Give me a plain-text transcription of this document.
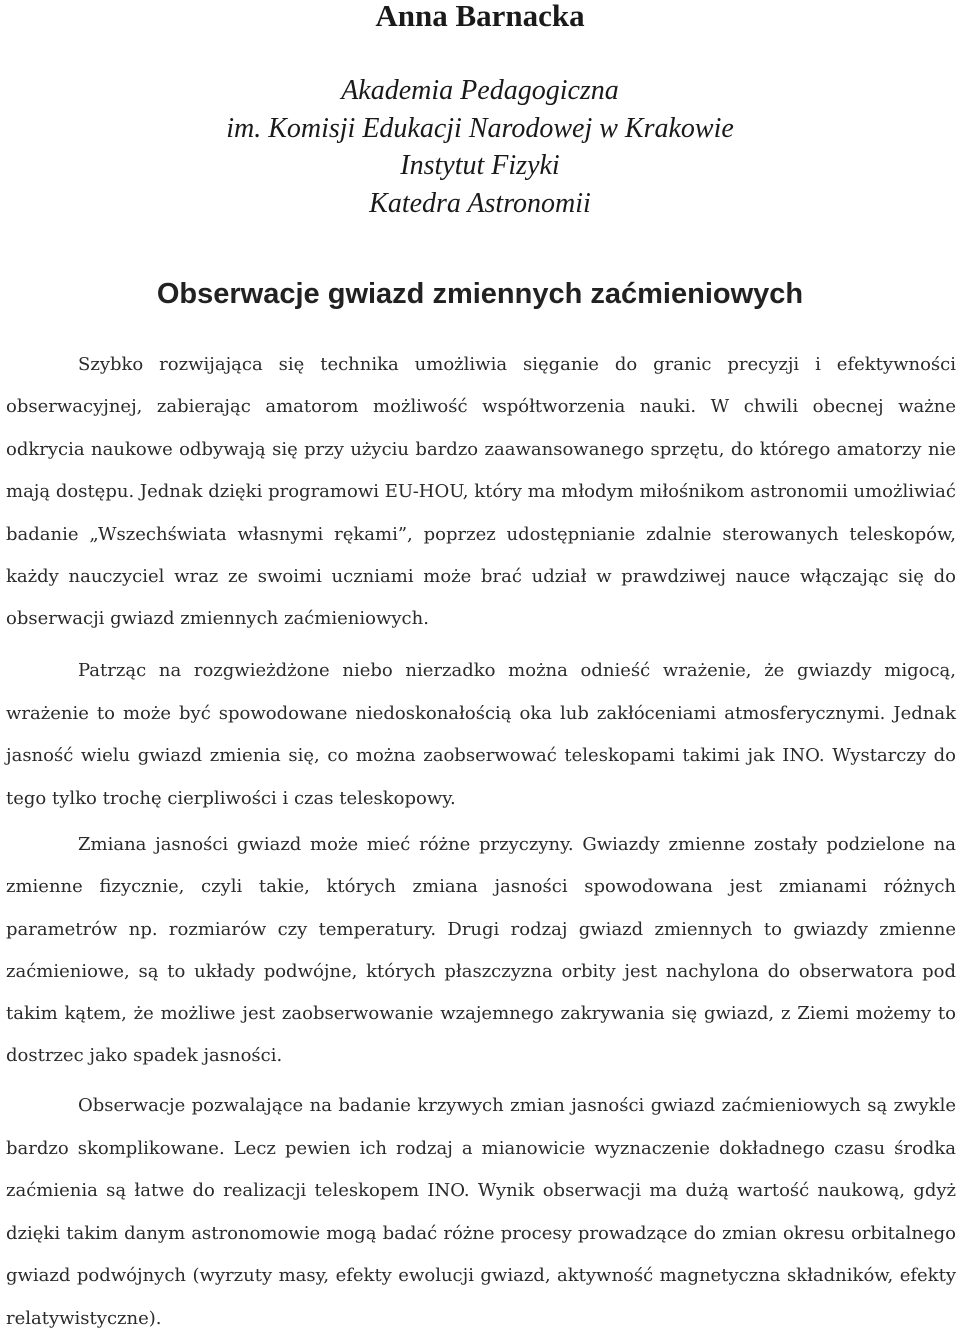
Anna Barnacka
Akademia Pedagogiczna
im. Komisji Edukacji Narodowej w Krakowie
Instytut Fizyki
Katedra Astronomii
Obserwacje gwiazd zmiennych zaćmieniowych

Szybko rozwijająca się technika umożliwia sięganie do granic precyzji i efektywności obserwacyjnej, zabierając amatorom możliwość współtworzenia nauki. W chwili obecnej ważne odkrycia naukowe odbywają się przy użyciu bardzo zaawansowanego sprzętu, do którego amatorzy nie mają dostępu. Jednak dzięki programowi EU-HOU, który ma młodym miłośnikom astronomii umożliwiać badanie „Wszechświata własnymi rękami”, poprzez udostępnianie zdalnie sterowanych teleskopów, każdy nauczyciel wraz ze swoimi uczniami może brać udział w prawdziwej nauce włączając się do obserwacji gwiazd zmiennych zaćmieniowych.

Patrząc na rozgwieżdżone niebo nierzadko można odnieść wrażenie, że gwiazdy migocą, wrażenie to może być spowodowane niedoskonałością oka lub zakłóceniami atmosferycznymi. Jednak jasność wielu gwiazd zmienia się, co można zaobserwować teleskopami takimi jak INO. Wystarczy do tego tylko trochę cierpliwości i czas teleskopowy.

Zmiana jasności gwiazd może mieć różne przyczyny. Gwiazdy zmienne zostały podzielone na zmienne fizycznie, czyli takie, których zmiana jasności spowodowana jest zmianami różnych parametrów np. rozmiarów czy temperatury. Drugi rodzaj gwiazd zmiennych to gwiazdy zmienne zaćmieniowe, są to układy podwójne, których płaszczyzna orbity jest nachylona do obserwatora pod takim kątem, że możliwe jest zaobserwowanie wzajemnego zakrywania się gwiazd, z Ziemi możemy to dostrzec jako spadek jasności.

Obserwacje pozwalające na badanie krzywych zmian jasności gwiazd zaćmieniowych są zwykle bardzo skomplikowane. Lecz pewien ich rodzaj a mianowicie wyznaczenie dokładnego czasu środka zaćmienia są łatwe do realizacji teleskopem INO. Wynik obserwacji ma dużą wartość naukową, gdyż dzięki takim danym astronomowie mogą badać różne procesy prowadzące do zmian okresu orbitalnego gwiazd podwójnych (wyrzuty masy, efekty ewolucji gwiazd, aktywność magnetyczna składników, efekty relatywistyczne).
